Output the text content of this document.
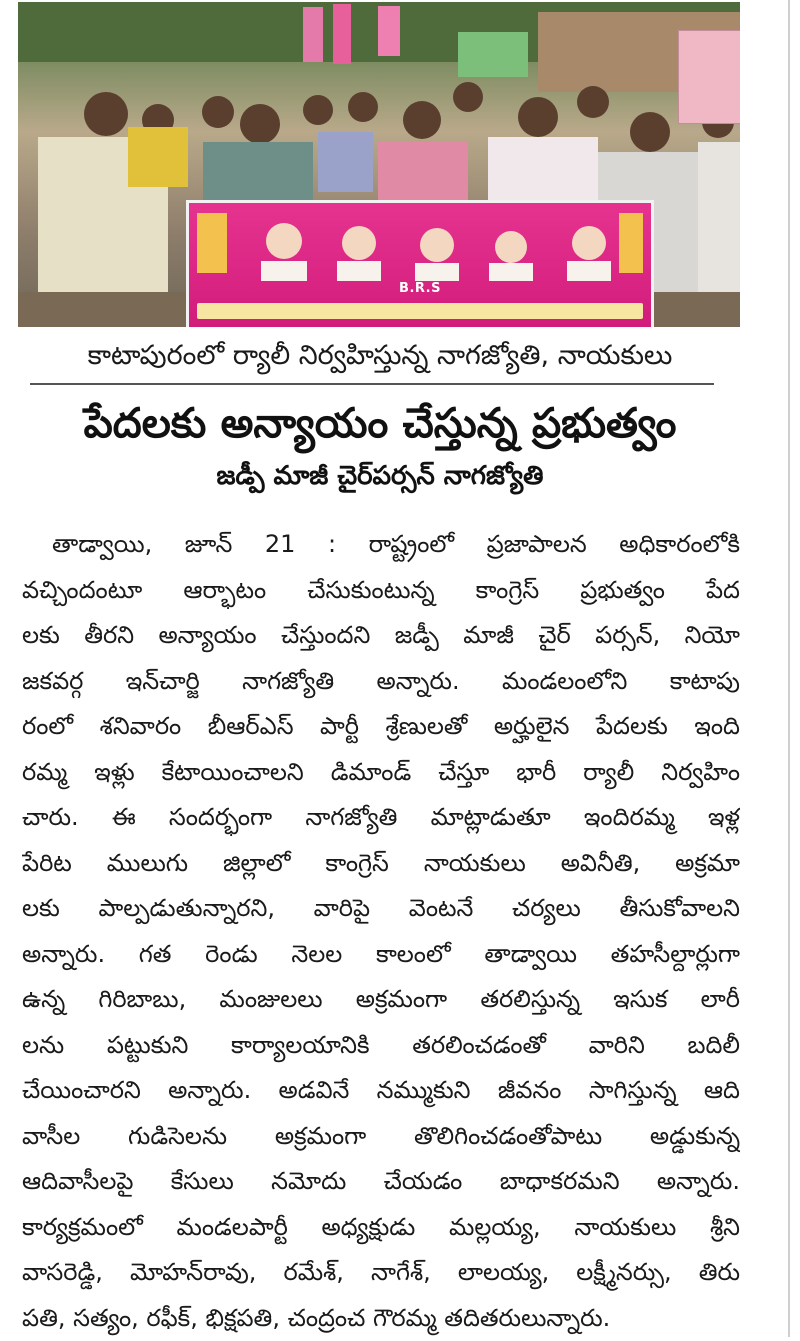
B.R.S
కాటాపురంలో ర్యాలీ నిర్వహిస్తున్న నాగజ్యోతి, నాయకులు
పేదలకు అన్యాయం చేస్తున్న ప్రభుత్వం
జడ్పీ మాజీ చైర్‌పర్సన్ నాగజ్యోతి
తాడ్వాయి, జూన్ 21 : రాష్ట్రంలో ప్రజాపాలన అధికారంలోకి
వచ్చిందంటూ ఆర్భాటం చేసుకుంటున్న కాంగ్రెస్ ప్రభుత్వం పేద
లకు తీరని అన్యాయం చేస్తుందని జడ్పీ మాజీ చైర్ పర్సన్, నియో
జకవర్గ ఇన్‌చార్జి నాగజ్యోతి అన్నారు. మండలంలోని కాటాపు
రంలో శనివారం బీఆర్ఎస్ పార్టీ శ్రేణులతో అర్హులైన పేదలకు ఇంది
రమ్మ ఇళ్లు కేటాయించాలని డిమాండ్ చేస్తూ భారీ ర్యాలీ నిర్వహిం
చారు. ఈ సందర్భంగా నాగజ్యోతి మాట్లాడుతూ ఇందిరమ్మ ఇళ్ల
పేరిట ములుగు జిల్లాలో కాంగ్రెస్ నాయకులు అవినీతి, అక్రమా
లకు పాల్పడుతున్నారని, వారిపై వెంటనే చర్యలు తీసుకోవాలని
అన్నారు. గత రెండు నెలల కాలంలో తాడ్వాయి తహసీల్దార్లుగా
ఉన్న గిరిబాబు, మంజులలు అక్రమంగా తరలిస్తున్న ఇసుక లారీ
లను పట్టుకుని కార్యాలయానికి తరలించడంతో వారిని బదిలీ
చేయించారని అన్నారు. అడవినే నమ్ముకుని జీవనం సాగిస్తున్న ఆది
వాసీల గుడిసెలను అక్రమంగా తొలిగించడంతోపాటు అడ్డుకున్న
ఆదివాసీలపై కేసులు నమోదు చేయడం బాధాకరమని అన్నారు.
కార్యక్రమంలో మండలపార్టీ అధ్యక్షుడు మల్లయ్య, నాయకులు శ్రీని
వాసరెడ్డి, మోహన్‌రావు, రమేశ్, నాగేశ్, లాలయ్య, లక్ష్మీనర్సు, తిరు
పతి, సత్యం, రఫీక్, భిక్షపతి, చంద్రంచ గౌరమ్మ తదితరులున్నారు.
